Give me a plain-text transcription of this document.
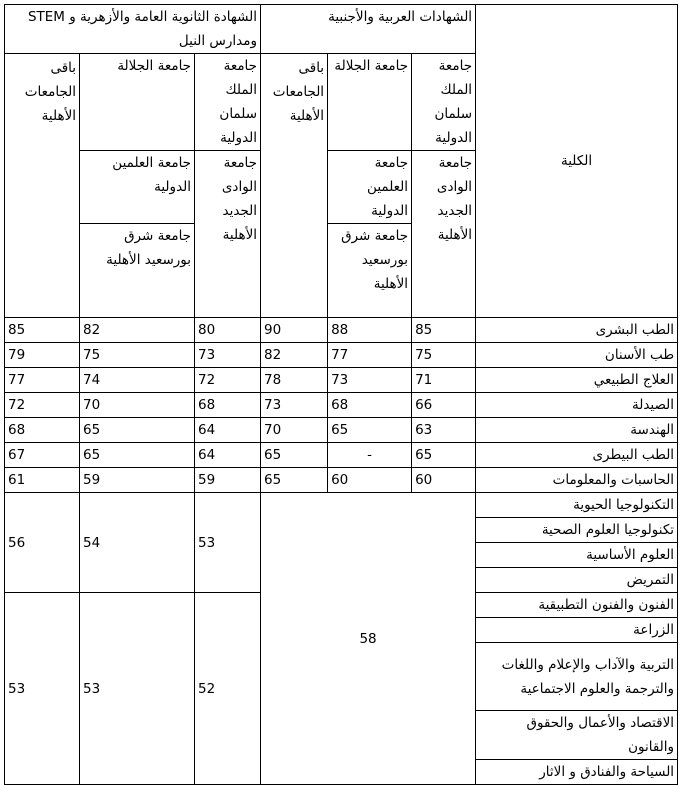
الكلية	الشهادات العربية والأجنبية			الشهادة الثانوية العامة والأزهرية و STEM ومدارس النيل		
	جامعة الملك سلمان الدولية	جامعة الجلالة	باقى الجامعات الأهلية	جامعة الملك سلمان الدولية	جامعة الجلالة	باقى الجامعات الأهلية
	جامعة الوادى الجديد الأهلية	جامعة العلمين الدولية		جامعة الوادى الجديد الأهلية	جامعة العلمين الدولية	
		جامعة شرق بورسعيد الأهلية			جامعة شرق بورسعيد الأهلية	
الطب البشرى	85	88	90	80	82	85
طب الأسنان	75	77	82	73	75	79
العلاج الطبيعي	71	73	78	72	74	77
الصيدلة	66	68	73	68	70	72
الهندسة	63	65	70	64	65	68
الطب البيطرى	65	-	65	64	65	67
الحاسبات والمعلومات	60	60	65	59	59	61
التكنولوجيا الحيوية	58			53	54	56
تكنولوجيا العلوم الصحية						
العلوم الأساسية						
التمريض						
الفنون والفنون التطبيقية				52	53	53
الزراعة						
التربية والآداب والإعلام واللغات والترجمة والعلوم الاجتماعية						
الاقتصاد والأعمال والحقوق والقانون						
السياحة والفنادق و الاثار						
